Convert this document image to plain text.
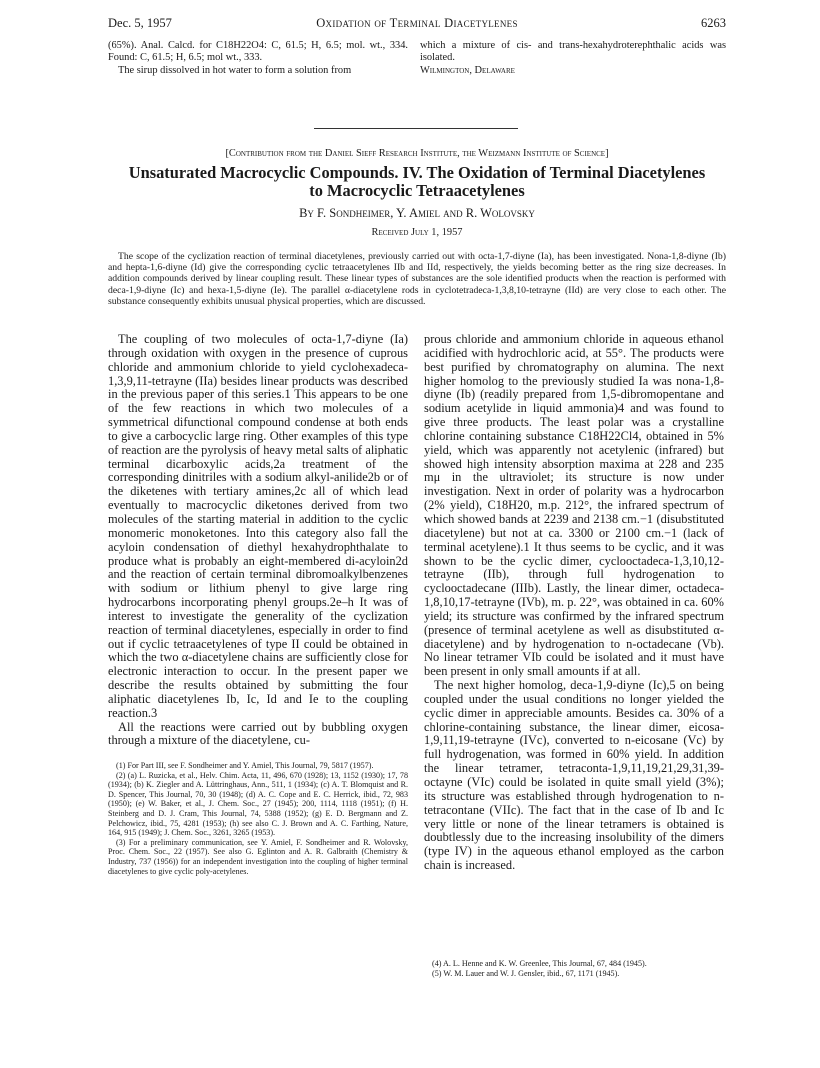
Dec. 5, 1957	Oxidation of Terminal Diacetylenes	6263

(65%). Anal. Calcd. for C18H22O4: C, 61.5; H, 6.5; mol. wt., 334. Found: C, 61.5; H, 6.5; mol wt., 333.

The sirup dissolved in hot water to form a solution from

which a mixture of cis- and trans-hexahydroterephthalic acids was isolated.

Wilmington, Delaware

[Contribution from the Daniel Sieff Research Institute, the Weizmann Institute of Science]
Unsaturated Macrocyclic Compounds. IV. The Oxidation of Terminal Diacetylenes
to Macrocyclic Tetraacetylenes
By F. Sondheimer, Y. Amiel and R. Wolovsky
Received July 1, 1957

The scope of the cyclization reaction of terminal diacetylenes, previously carried out with octa-1,7-diyne (Ia), has been investigated. Nona-1,8-diyne (Ib) and hepta-1,6-diyne (Id) give the corresponding cyclic tetraacetylenes IIb and IId, respectively, the yields becoming better as the ring size decreases. In addition compounds derived by linear coupling result. These linear types of substances are the sole identified products when the reaction is performed with deca-1,9-diyne (Ic) and hexa-1,5-diyne (Ie). The parallel α-diacetylene rods in cyclotetradeca-1,3,8,10-tetrayne (IId) are very close to each other. The substance consequently exhibits unusual physical properties, which are discussed.

The coupling of two molecules of octa-1,7-diyne (Ia) through oxidation with oxygen in the presence of cuprous chloride and ammonium chloride to yield cyclohexadeca-1,3,9,11-tetrayne (IIa) besides linear products was described in the previous paper of this series.1 This appears to be one of the few reactions in which two molecules of a symmetrical difunctional compound condense at both ends to give a carbocyclic large ring. Other examples of this type of reaction are the pyrolysis of heavy metal salts of aliphatic terminal dicarboxylic acids,2a treatment of the corresponding dinitriles with a sodium alkyl-anilide2b or of the diketenes with tertiary amines,2c all of which lead eventually to macrocyclic diketones derived from two molecules of the starting material in addition to the cyclic monomeric monoketones. Into this category also fall the acyloin condensation of diethyl hexahydrophthalate to produce what is probably an eight-membered di-acyloin2d and the reaction of certain terminal dibromoalkylbenzenes with sodium or lithium phenyl to give large ring hydrocarbons incorporating phenyl groups.2e–h It was of interest to investigate the generality of the cyclization reaction of terminal diacetylenes, especially in order to find out if cyclic tetraacetylenes of type II could be obtained in which the two α-diacetylene chains are sufficiently close for electronic interaction to occur. In the present paper we describe the results obtained by submitting the four aliphatic diacetylenes Ib, Ic, Id and Ie to the coupling reaction.3

All the reactions were carried out by bubbling oxygen through a mixture of the diacetylene, cu-

(1) For Part III, see F. Sondheimer and Y. Amiel, This Journal, 79, 5817 (1957).

(2) (a) L. Ruzicka, et al., Helv. Chim. Acta, 11, 496, 670 (1928); 13, 1152 (1930); 17, 78 (1934); (b) K. Ziegler and A. Lüttringhaus, Ann., 511, 1 (1934); (c) A. T. Blomquist and R. D. Spencer, This Journal, 70, 30 (1948); (d) A. C. Cope and E. C. Herrick, ibid., 72, 983 (1950); (e) W. Baker, et al., J. Chem. Soc., 27 (1945); 200, 1114, 1118 (1951); (f) H. Steinberg and D. J. Cram, This Journal, 74, 5388 (1952); (g) E. D. Bergmann and Z. Pelchowicz, ibid., 75, 4281 (1953); (h) see also C. J. Brown and A. C. Farthing, Nature, 164, 915 (1949); J. Chem. Soc., 3261, 3265 (1953).

(3) For a preliminary communication, see Y. Amiel, F. Sondheimer and R. Wolovsky, Proc. Chem. Soc., 22 (1957). See also G. Eglinton and A. R. Galbraith (Chemistry & Industry, 737 (1956)) for an independent investigation into the coupling of higher terminal diacetylenes to give cyclic poly-acetylenes.

prous chloride and ammonium chloride in aqueous ethanol acidified with hydrochloric acid, at 55°. The products were best purified by chromatography on alumina. The next higher homolog to the previously studied Ia was nona-1,8-diyne (Ib) (readily prepared from 1,5-dibromopentane and sodium acetylide in liquid ammonia)4 and was found to give three products. The least polar was a crystalline chlorine containing substance C18H22Cl4, obtained in 5% yield, which was apparently not acetylenic (infrared) but showed high intensity absorption maxima at 228 and 235 mμ in the ultraviolet; its structure is now under investigation. Next in order of polarity was a hydrocarbon (2% yield), C18H20, m.p. 212°, the infrared spectrum of which showed bands at 2239 and 2138 cm.−1 (disubstituted diacetylene) but not at ca. 3300 or 2100 cm.−1 (lack of terminal acetylene).1 It thus seems to be cyclic, and it was shown to be the cyclic dimer, cyclooctadeca-1,3,10,12-tetrayne (IIb), through full hydrogenation to cyclooctadecane (IIIb). Lastly, the linear dimer, octadeca-1,8,10,17-tetrayne (IVb), m. p. 22°, was obtained in ca. 60% yield; its structure was confirmed by the infrared spectrum (presence of terminal acetylene as well as disubstituted α-diacetylene) and by hydrogenation to n-octadecane (Vb). No linear tetramer VIb could be isolated and it must have been present in only small amounts if at all.

The next higher homolog, deca-1,9-diyne (Ic),5 on being coupled under the usual conditions no longer yielded the cyclic dimer in appreciable amounts. Besides ca. 30% of a chlorine-containing substance, the linear dimer, eicosa-1,9,11,19-tetrayne (IVc), converted to n-eicosane (Vc) by full hydrogenation, was formed in 60% yield. In addition the linear tetramer, tetraconta-1,9,11,19,21,29,31,39-octayne (VIc) could be isolated in quite small yield (3%); its structure was established through hydrogenation to n-tetracontane (VIIc). The fact that in the case of Ib and Ic very little or none of the linear tetramers is obtained is doubtlessly due to the increasing insolubility of the dimers (type IV) in the aqueous ethanol employed as the carbon chain is increased.

(4) A. L. Henne and K. W. Greenlee, This Journal, 67, 484 (1945).

(5) W. M. Lauer and W. J. Gensler, ibid., 67, 1171 (1945).
